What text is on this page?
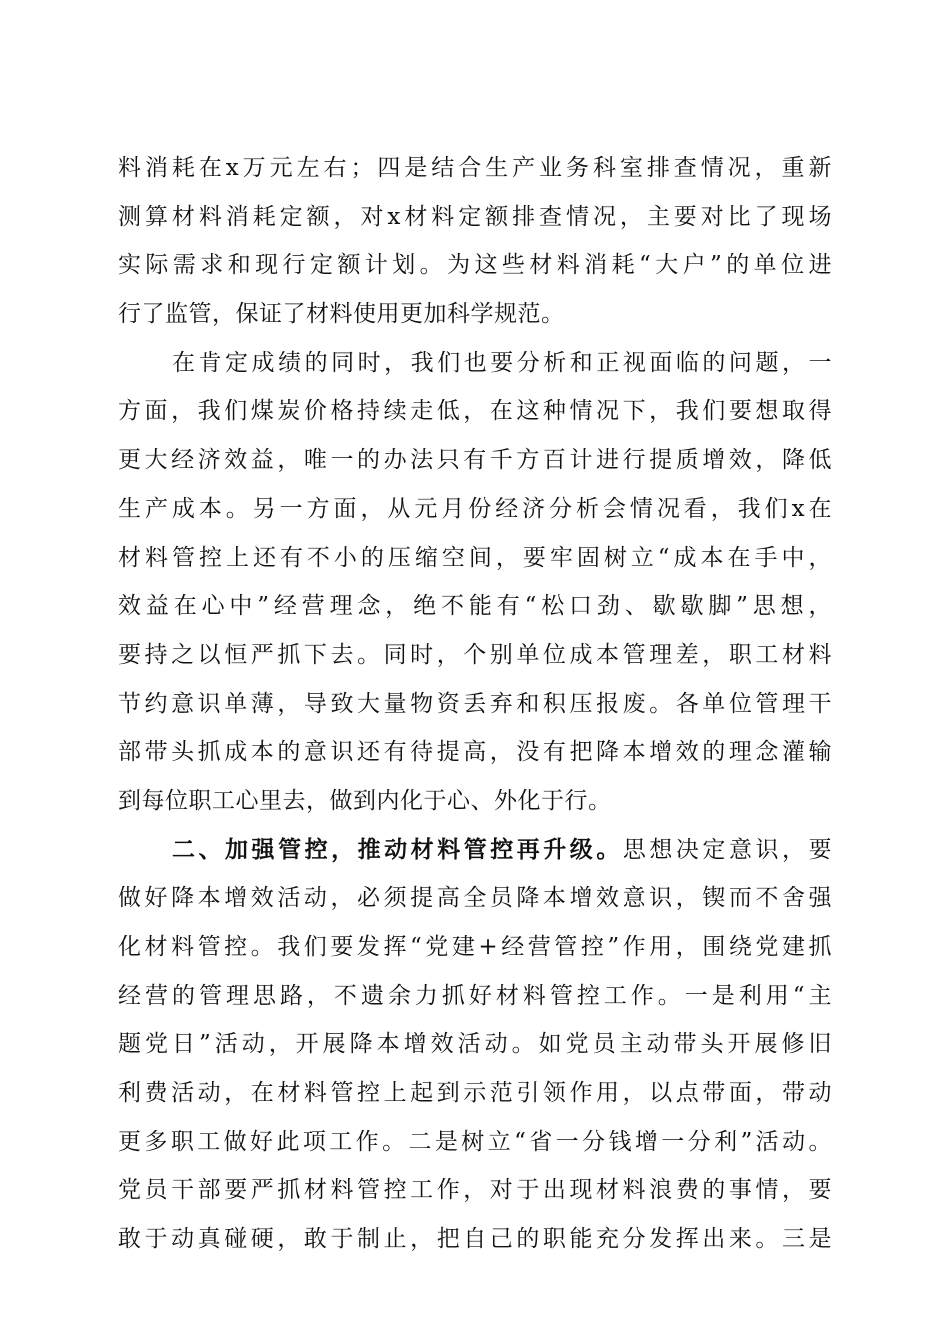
料消耗在x万元左右；四是结合生产业务科室排查情况，重新
测算材料消耗定额，对x材料定额排查情况，主要对比了现场
实际需求和现行定额计划。为这些材料消耗“大户”的单位进
行了监管，保证了材料使用更加科学规范。
在肯定成绩的同时，我们也要分析和正视面临的问题，一
方面，我们煤炭价格持续走低，在这种情况下，我们要想取得
更大经济效益，唯一的办法只有千方百计进行提质增效，降低
生产成本。另一方面，从元月份经济分析会情况看，我们x在
材料管控上还有不小的压缩空间，要牢固树立“成本在手中，
效益在心中”经营理念，绝不能有“松口劲、歇歇脚”思想，
要持之以恒严抓下去。同时，个别单位成本管理差，职工材料
节约意识单薄，导致大量物资丢弃和积压报废。各单位管理干
部带头抓成本的意识还有待提高，没有把降本增效的理念灌输
到每位职工心里去，做到内化于心、外化于行。
二、加强管控，推动材料管控再升级。思想决定意识，要
做好降本增效活动，必须提高全员降本增效意识，锲而不舍强
化材料管控。我们要发挥“党建+经营管控”作用，围绕党建抓
经营的管理思路，不遗余力抓好材料管控工作。一是利用“主
题党日”活动，开展降本增效活动。如党员主动带头开展修旧
利费活动，在材料管控上起到示范引领作用，以点带面，带动
更多职工做好此项工作。二是树立“省一分钱增一分利”活动。
党员干部要严抓材料管控工作，对于出现材料浪费的事情，要
敢于动真碰硬，敢于制止，把自己的职能充分发挥出来。三是
